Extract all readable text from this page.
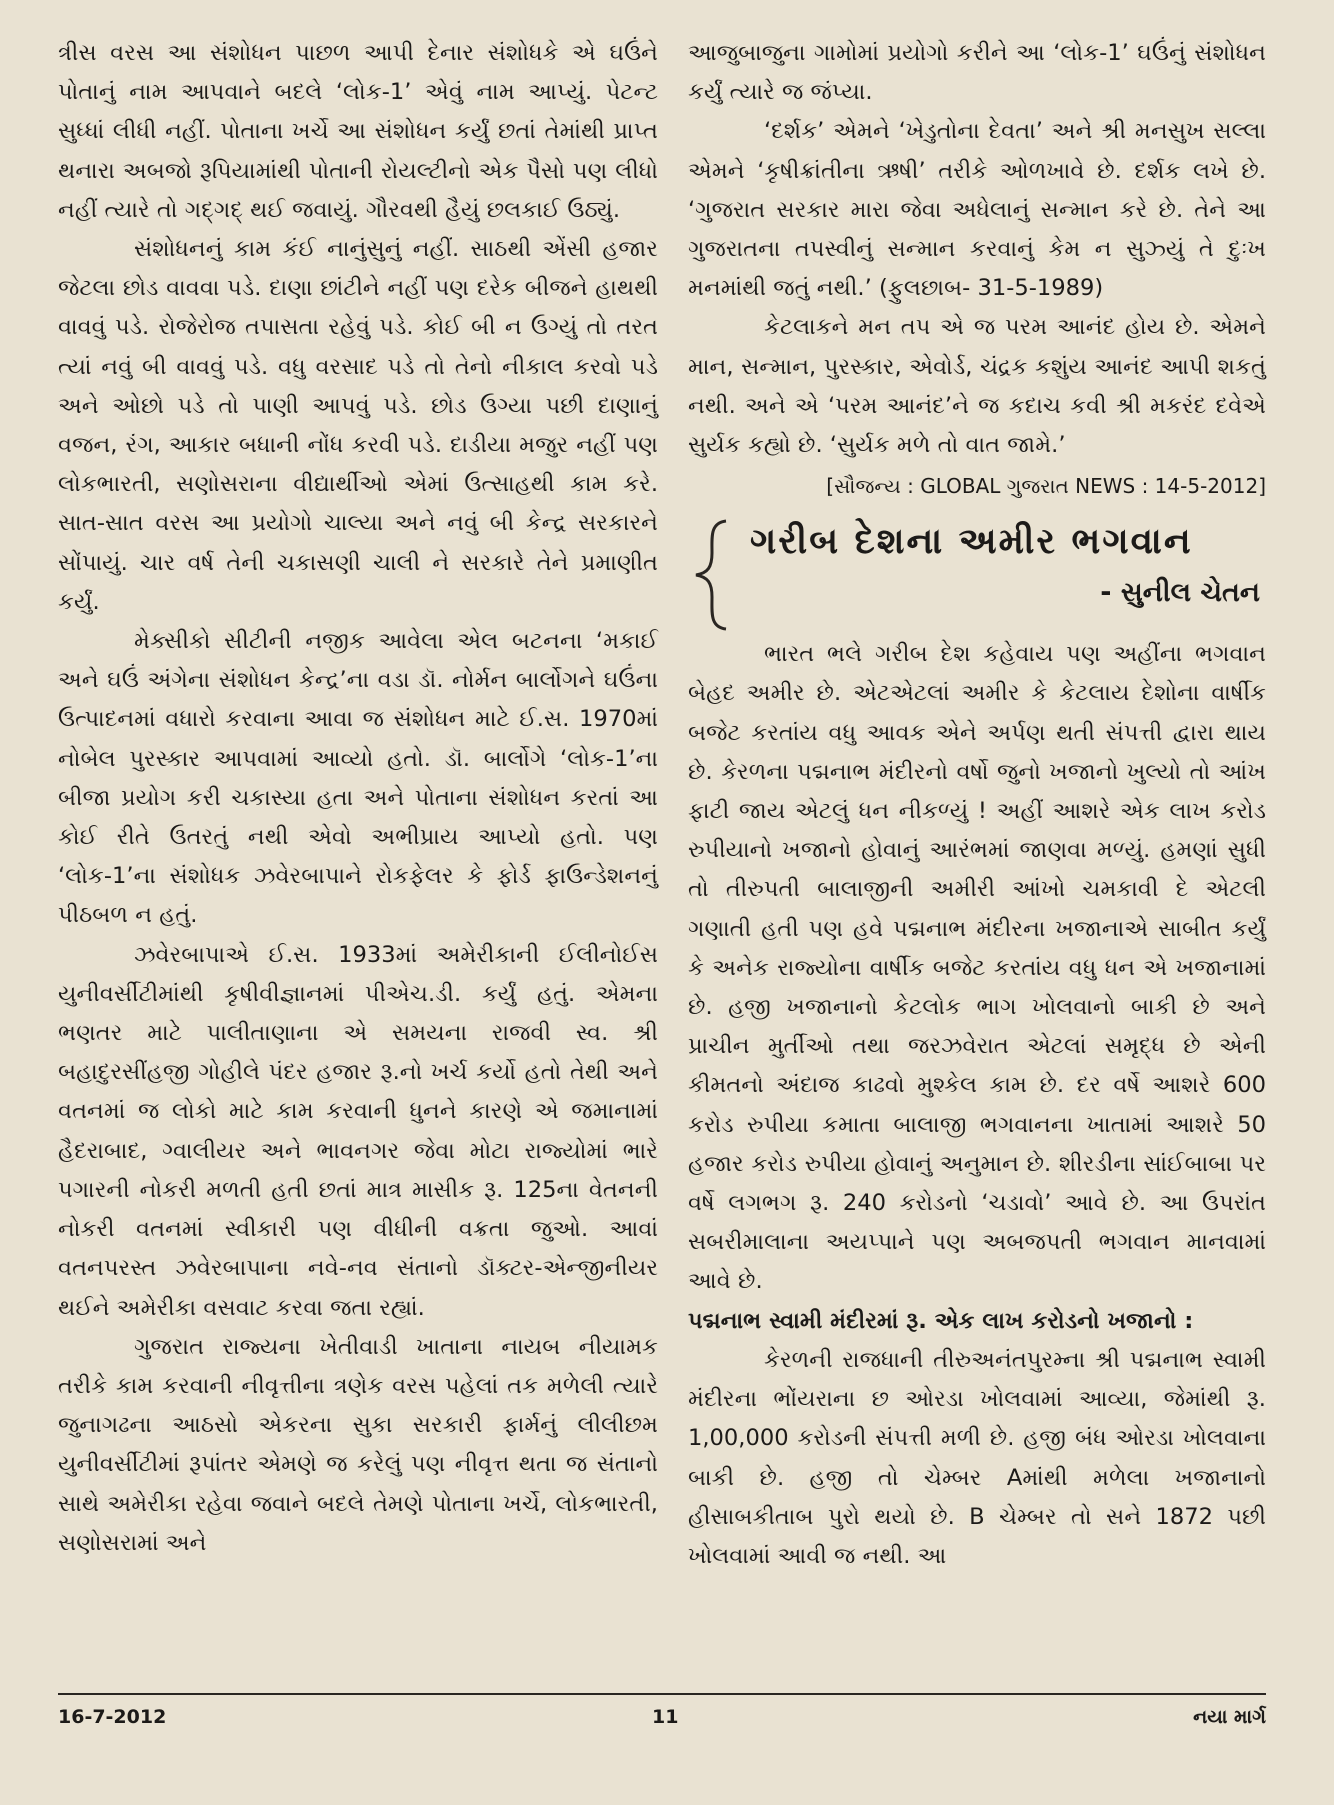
ત્રીસ વરસ આ સંશોધન પાછળ આપી દેનાર સંશોધકે એ ઘઉંને પોતાનું નામ આપવાને બદલે ‘લોક-1’ એવું નામ આપ્યું. પેટન્ટ સુધ્ધાં લીધી નહીં. પોતાના ખર્ચે આ સંશોધન કર્યું છતાં તેમાંથી પ્રાપ્ત થનારા અબજો રૂપિયામાંથી પોતાની રોયલ્ટીનો એક પૈસો પણ લીધો નહીં ત્યારે તો ગદ્ગદ્ થઈ જવાયું. ગૌરવથી હૈયું છલકાઈ ઉઠ્યું.

સંશોધનનું કામ કંઈ નાનુંસુનું નહીં. સાઠથી એંસી હજાર જેટલા છોડ વાવવા પડે. દાણા છાંટીને નહીં પણ દરેક બીજને હાથથી વાવવું પડે. રોજેરોજ તપાસતા રહેવું પડે. કોઈ બી ન ઉગ્યું તો તરત ત્યાં નવું બી વાવવું પડે. વધુ વરસાદ પડે તો તેનો નીકાલ કરવો પડે અને ઓછો પડે તો પાણી આપવું પડે. છોડ ઉગ્યા પછી દાણાનું વજન, રંગ, આકાર બધાની નોંધ કરવી પડે. દાડીયા મજુર નહીં પણ લોકભારતી, સણોસરાના વીદ્યાર્થીઓ એમાં ઉત્સાહથી કામ કરે. સાત-સાત વરસ આ પ્રયોગો ચાલ્યા અને નવું બી કેન્દ્ર સરકારને સોંપાયું. ચાર વર્ષ તેની ચકાસણી ચાલી ને સરકારે તેને પ્રમાણીત કર્યું.

મેક્સીકો સીટીની નજીક આવેલા એલ બટનના ‘મકાઈ અને ઘઉં અંગેના સંશોધન કેન્દ્ર’ના વડા ડૉ. નોર્મન બાર્લોગને ઘઉંના ઉત્પાદનમાં વધારો કરવાના આવા જ સંશોધન માટે ઈ.સ. 1970માં નોબેલ પુરસ્કાર આપવામાં આવ્યો હતો. ડૉ. બાર્લોગે ‘લોક-1’ના બીજા પ્રયોગ કરી ચકાસ્યા હતા અને પોતાના સંશોધન કરતાં આ કોઈ રીતે ઉતરતું નથી એવો અભીપ્રાય આપ્યો હતો. પણ ‘લોક-1’ના સંશોધક ઝવેરબાપાને રોકફેલર કે ફોર્ડ ફાઉન્ડેશનનું પીઠબળ ન હતું.

ઝવેરબાપાએ ઈ.સ. 1933માં અમેરીકાની ઈલીનોઈસ યુનીવર્સીટીમાંથી કૃષીવીજ્ઞાનમાં પીએચ.ડી. કર્યું હતું. એમના ભણતર માટે પાલીતાણાના એ સમયના રાજવી સ્વ. શ્રી બહાદુરસીંહજી ગોહીલે પંદર હજાર રૂ.નો ખર્ચ કર્યો હતો તેથી અને વતનમાં જ લોકો માટે કામ કરવાની ધુનને કારણે એ જમાનામાં હૈદરાબાદ, ગ્વાલીયર અને ભાવનગર જેવા મોટા રાજ્યોમાં ભારે પગારની નોકરી મળતી હતી છતાં માત્ર માસીક રૂ. 125ના વેતનની નોકરી વતનમાં સ્વીકારી પણ વીધીની વક્રતા જુઓ. આવાં વતનપરસ્ત ઝવેરબાપાના નવે-નવ સંતાનો ડૉક્ટર-એન્જીનીયર થઈને અમેરીકા વસવાટ કરવા જતા રહ્યાં.

ગુજરાત રાજ્યના ખેતીવાડી ખાતાના નાયબ નીયામક તરીકે કામ કરવાની નીવૃત્તીના ત્રણેક વરસ પહેલાં તક મળેલી ત્યારે જુનાગઢના આઠસો એકરના સુકા સરકારી ફાર્મનું લીલીછમ યુનીવર્સીટીમાં રૂપાંતર એમણે જ કરેલું પણ નીવૃત્ત થતા જ સંતાનો સાથે અમેરીકા રહેવા જવાને બદલે તેમણે પોતાના ખર્ચે, લોકભારતી, સણોસરામાં અને

આજુબાજુના ગામોમાં પ્રયોગો કરીને આ ‘લોક-1’ ઘઉંનું સંશોધન કર્યું ત્યારે જ જંપ્યા.

‘દર્શક’ એમને ‘ખેડુતોના દેવતા’ અને શ્રી મનસુખ સલ્લા એમને ‘કૃષીક્રાંતીના ઋષી’ તરીકે ઓળખાવે છે. દર્શક લખે છે. ‘ગુજરાત સરકાર મારા જેવા અધેલાનું સન્માન કરે છે. તેને આ ગુજરાતના તપસ્વીનું સન્માન કરવાનું કેમ ન સુઝ્યું તે દુઃખ મનમાંથી જતું નથી.’ (ફુલછાબ- 31-5-1989)

કેટલાકને મન તપ એ જ પરમ આનંદ હોય છે. એમને માન, સન્માન, પુરસ્કાર, એવોર્ડ, ચંદ્રક કશુંય આનંદ આપી શકતું નથી. અને એ ‘પરમ આનંદ’ને જ કદાચ કવી શ્રી મકરંદ દવેએ સુર્યક કહ્યો છે. ‘સુર્યક મળે તો વાત જામે.’

[સૌજન્ય : GLOBAL ગુજરાત NEWS : 14-5-2012]

ગરીબ દેશના અમીર ભગવાન
- સુનીલ ચેતન

ભારત ભલે ગરીબ દેશ કહેવાય પણ અહીંના ભગવાન બેહદ અમીર છે. એટએટલાં અમીર કે કેટલાય દેશોના વાર્ષીક બજેટ કરતાંય વધુ આવક એને અર્પણ થતી સંપત્તી દ્વારા થાય છે. કેરળના પદ્મનાભ મંદીરનો વર્ષો જુનો ખજાનો ખુલ્યો તો આંખ ફાટી જાય એટલું ધન નીકળ્યું ! અહીં આશરે એક લાખ કરોડ રુપીયાનો ખજાનો હોવાનું આરંભમાં જાણવા મળ્યું. હમણાં સુધી તો તીરુપતી બાલાજીની અમીરી આંખો ચમકાવી દે એટલી ગણાતી હતી પણ હવે પદ્મનાભ મંદીરના ખજાનાએ સાબીત કર્યું કે અનેક રાજ્યોના વાર્ષીક બજેટ કરતાંય વધુ ધન એ ખજાનામાં છે. હજી ખજાનાનો કેટલોક ભાગ ખોલવાનો બાકી છે અને પ્રાચીન મુર્તીઓ તથા જરઝવેરાત એટલાં સમૃદ્ધ છે એની કીમતનો અંદાજ કાઢવો મુશ્કેલ કામ છે. દર વર્ષે આશરે 600 કરોડ રુપીયા કમાતા બાલાજી ભગવાનના ખાતામાં આશરે 50 હજાર કરોડ રુપીયા હોવાનું અનુમાન છે. શીરડીના સાંઈબાબા પર વર્ષે લગભગ રૂ. 240 કરોડનો ‘ચડાવો’ આવે છે. આ ઉપરાંત સબરીમાલાના અયપ્પાને પણ અબજપતી ભગવાન માનવામાં આવે છે.

પદ્મનાભ સ્વામી મંદીરમાં રૂ. એક લાખ કરોડનો ખજાનો :

કેરળની રાજધાની તીરુઅનંતપુરમ્ના શ્રી પદ્મનાભ સ્વામી મંદીરના ભોંયરાના છ ઓરડા ખોલવામાં આવ્યા, જેમાંથી રૂ. 1,00,000 કરોડની સંપત્તી મળી છે. હજી બંધ ઓરડા ખોલવાના બાકી છે. હજી તો ચેમ્બર Aમાંથી મળેલા ખજાનાનો હીસાબકીતાબ પુરો થયો છે. B ચેમ્બર તો સને 1872 પછી ખોલવામાં આવી જ નથી. આ

16-7-2012	11	નયા માર્ગ
